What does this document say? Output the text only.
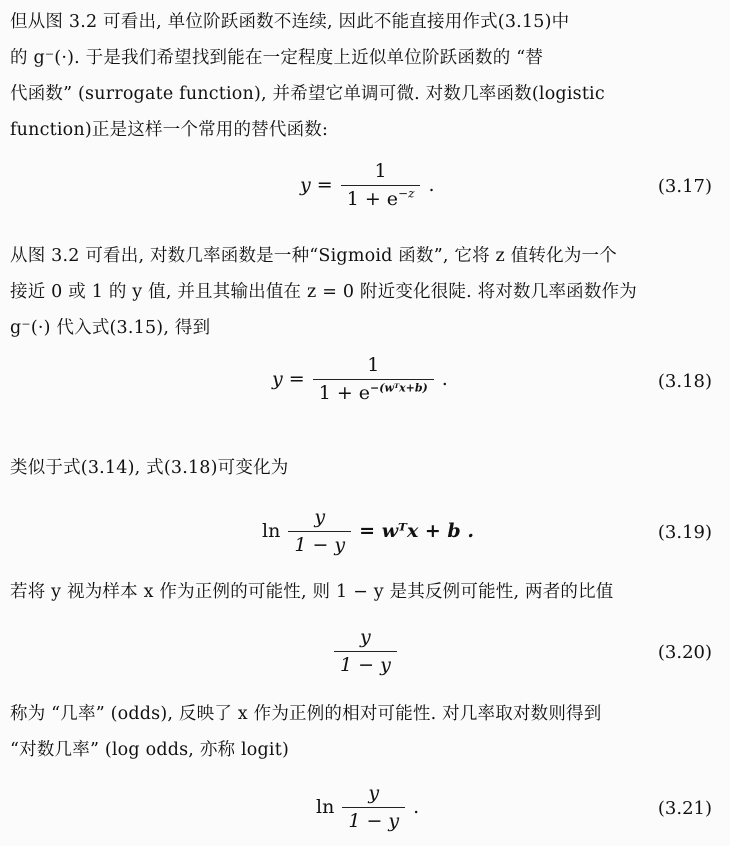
但从图 3.2 可看出, 单位阶跃函数不连续, 因此不能直接用作式(3.15)中
的 g⁻(·). 于是我们希望找到能在一定程度上近似单位阶跃函数的 “替
代函数” (surrogate function), 并希望它单调可微. 对数几率函数(logistic
function)正是这样一个常用的替代函数:
$y = \frac{1}{1 + e^{-z}}$ .	(3.17)
从图 3.2 可看出, 对数几率函数是一种“Sigmoid 函数”, 它将 z 值转化为一个
接近 0 或 1 的 y 值, 并且其输出值在 z = 0 附近变化很陡. 将对数几率函数作为
g⁻(·) 代入式(3.15), 得到
$y = \frac{1}{1 + e^{-(wᵀx+b)}}$ .	(3.18)
类似于式(3.14), 式(3.18)可变化为
$\ln \frac{y}{1 - y}$ = wᵀx + b .	(3.19)
若将 y 视为样本 x 作为正例的可能性, 则 1 − y 是其反例可能性, 两者的比值
$\frac{y}{1 - y}$	(3.20)
称为 “几率” (odds), 反映了 x 作为正例的相对可能性. 对几率取对数则得到
“对数几率” (log odds, 亦称 logit)
$\ln \frac{y}{1 - y}$ .	(3.21)
